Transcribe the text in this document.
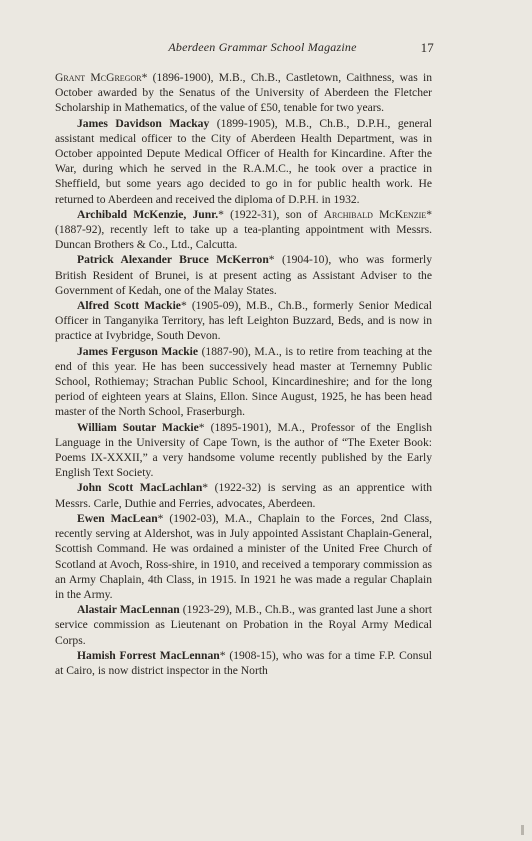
Aberdeen Grammar School Magazine	17

Grant McGregor* (1896-1900), M.B., Ch.B., Castletown, Caithness, was in October awarded by the Senatus of the University of Aberdeen the Fletcher Scholarship in Mathematics, of the value of £50, tenable for two years.

James Davidson Mackay (1899-1905), M.B., Ch.B., D.P.H., general assistant medical officer to the City of Aberdeen Health Department, was in October appointed Depute Medical Officer of Health for Kincardine. After the War, during which he served in the R.A.M.C., he took over a practice in Sheffield, but some years ago decided to go in for public health work. He returned to Aberdeen and received the diploma of D.P.H. in 1932.

Archibald McKenzie, Junr.* (1922-31), son of Archibald McKenzie* (1887-92), recently left to take up a tea-planting appointment with Messrs. Duncan Brothers & Co., Ltd., Calcutta.

Patrick Alexander Bruce McKerron* (1904-10), who was formerly British Resident of Brunei, is at present acting as Assistant Adviser to the Government of Kedah, one of the Malay States.

Alfred Scott Mackie* (1905-09), M.B., Ch.B., formerly Senior Medical Officer in Tanganyika Territory, has left Leighton Buzzard, Beds, and is now in practice at Ivybridge, South Devon.

James Ferguson Mackie (1887-90), M.A., is to retire from teaching at the end of this year. He has been successively head master at Ternemny Public School, Rothiemay; Strachan Public School, Kincardineshire; and for the long period of eighteen years at Slains, Ellon. Since August, 1925, he has been head master of the North School, Fraserburgh.

William Soutar Mackie* (1895-1901), M.A., Professor of the English Language in the University of Cape Town, is the author of “The Exeter Book: Poems IX-XXXII,” a very handsome volume recently published by the Early English Text Society.

John Scott MacLachlan* (1922-32) is serving as an apprentice with Messrs. Carle, Duthie and Ferries, advocates, Aberdeen.

Ewen MacLean* (1902-03), M.A., Chaplain to the Forces, 2nd Class, recently serving at Aldershot, was in July appointed Assistant Chaplain-General, Scottish Command. He was ordained a minister of the United Free Church of Scotland at Avoch, Ross-shire, in 1910, and received a temporary commission as an Army Chaplain, 4th Class, in 1915. In 1921 he was made a regular Chaplain in the Army.

Alastair MacLennan (1923-29), M.B., Ch.B., was granted last June a short service commission as Lieutenant on Probation in the Royal Army Medical Corps.

Hamish Forrest MacLennan* (1908-15), who was for a time F.P. Consul at Cairo, is now district inspector in the North
